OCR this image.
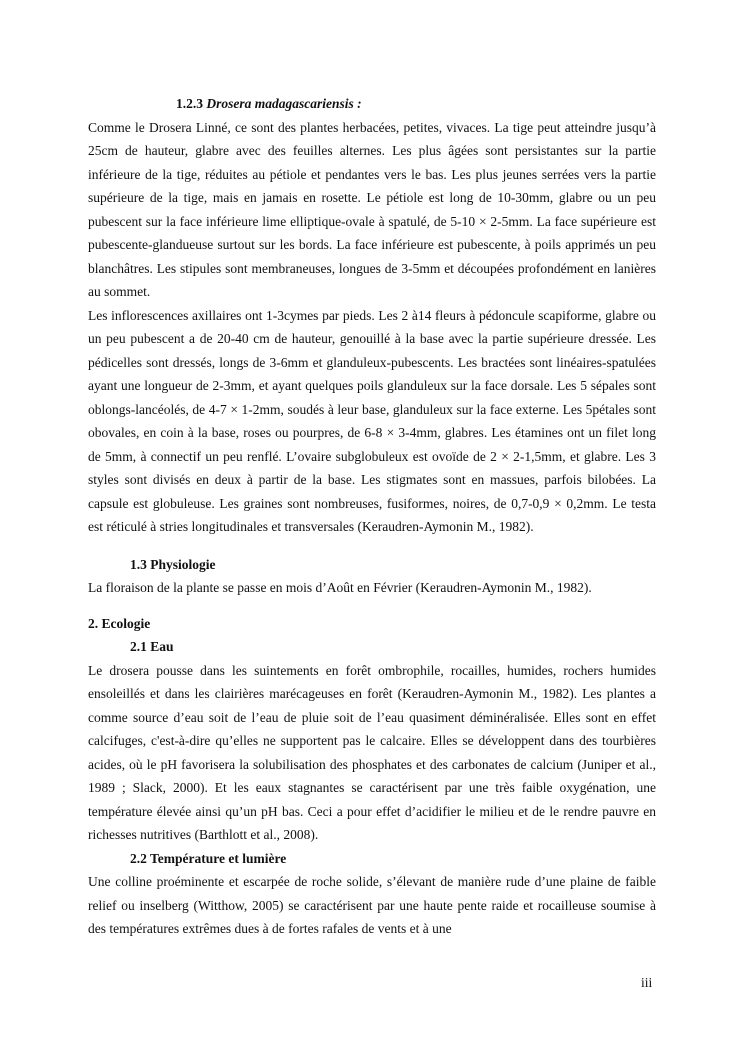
1.2.3 Drosera madagascariensis :

Comme le Drosera Linné, ce sont des plantes herbacées, petites, vivaces. La tige peut atteindre jusqu’à 25cm de hauteur, glabre avec des feuilles alternes. Les plus âgées sont persistantes sur la partie inférieure de la tige, réduites au pétiole et pendantes vers le bas. Les plus jeunes serrées vers la partie supérieure de la tige, mais en jamais en rosette. Le pétiole est long de 10-30mm, glabre ou un peu pubescent sur la face inférieure lime elliptique-ovale à spatulé, de 5-10 × 2-5mm. La face supérieure est pubescente-glandueuse surtout sur les bords. La face inférieure est pubescente, à poils apprimés un peu blanchâtres. Les stipules sont membraneuses, longues de 3-5mm et découpées profondément en lanières au sommet.

Les inflorescences axillaires ont 1-3cymes par pieds. Les 2 à14 fleurs à pédoncule scapiforme, glabre ou un peu pubescent a de 20-40 cm de hauteur, genouillé à la base avec la partie supérieure dressée. Les pédicelles sont dressés, longs de 3-6mm et glanduleux-pubescents. Les bractées sont linéaires-spatulées ayant une longueur de 2-3mm, et ayant quelques poils glanduleux sur la face dorsale. Les 5 sépales sont oblongs-lancéolés, de 4-7 × 1-2mm, soudés à leur base, glanduleux sur la face externe. Les 5pétales sont obovales, en coin à la base, roses ou pourpres, de 6-8 × 3-4mm, glabres. Les étamines ont un filet long de 5mm, à connectif un peu renflé. L’ovaire subglobuleux est ovoïde de 2 × 2-1,5mm, et glabre. Les 3 styles sont divisés en deux à partir de la base. Les stigmates sont en massues, parfois bilobées. La capsule est globuleuse. Les graines sont nombreuses, fusiformes, noires, de 0,7-0,9 × 0,2mm. Le testa est réticulé à stries longitudinales et transversales (Keraudren-Aymonin M., 1982).

1.3 Physiologie

La floraison de la plante se passe en mois d’Août en Février (Keraudren-Aymonin M., 1982).

2. Ecologie
2.1 Eau

Le drosera pousse dans les suintements en forêt ombrophile, rocailles, humides, rochers humides ensoleillés et dans les clairières marécageuses en forêt (Keraudren-Aymonin M., 1982). Les plantes a comme source d’eau soit de l’eau de pluie soit de l’eau quasiment déminéralisée. Elles sont en effet calcifuges, c'est-à-dire qu’elles ne supportent pas le calcaire. Elles se développent dans des tourbières acides, où le pH favorisera la solubilisation des phosphates et des carbonates de calcium (Juniper et al., 1989 ; Slack, 2000). Et les eaux stagnantes se caractérisent par une très faible oxygénation, une température élevée ainsi qu’un pH bas. Ceci a pour effet d’acidifier le milieu et de le rendre pauvre en richesses nutritives (Barthlott et al., 2008).

2.2 Température et lumière

Une colline proéminente et escarpée de roche solide, s’élevant de manière rude d’une plaine de faible relief ou inselberg (Witthow, 2005) se caractérisent par une haute pente raide et rocailleuse soumise à des températures extrêmes dues à de fortes rafales de vents et à une

iii
